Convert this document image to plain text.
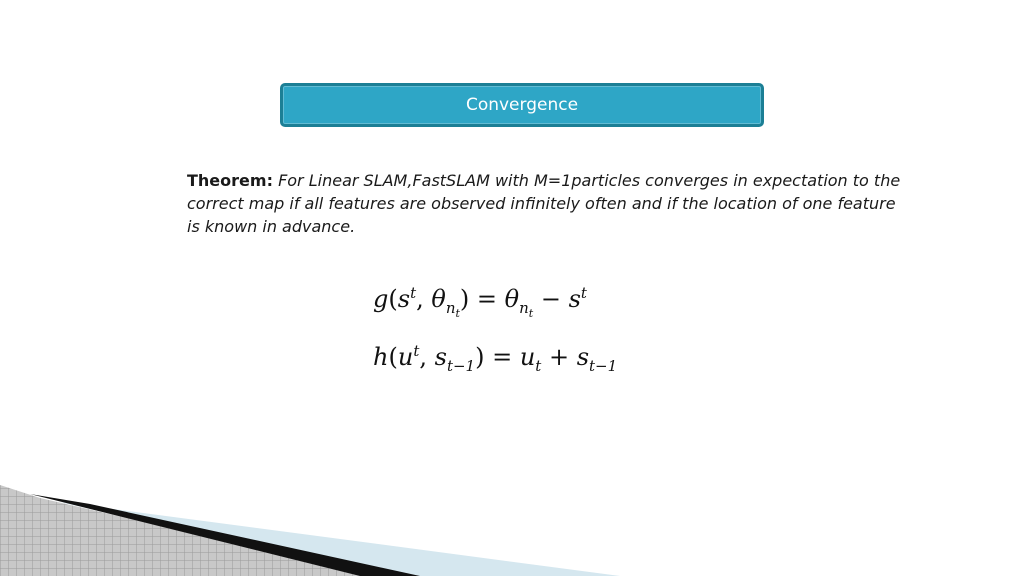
Convergence
Theorem: For Linear SLAM,FastSLAM with M=1particles converges in expectation to the correct map if all features are observed infinitely often and if the location of one feature is known in advance.
$g(s^t$, $\theta_{n_t}) = \theta_{n_t} - s^t$
$h(u^t$, $s_{t-1}) = u_t + s_{t-1}$
